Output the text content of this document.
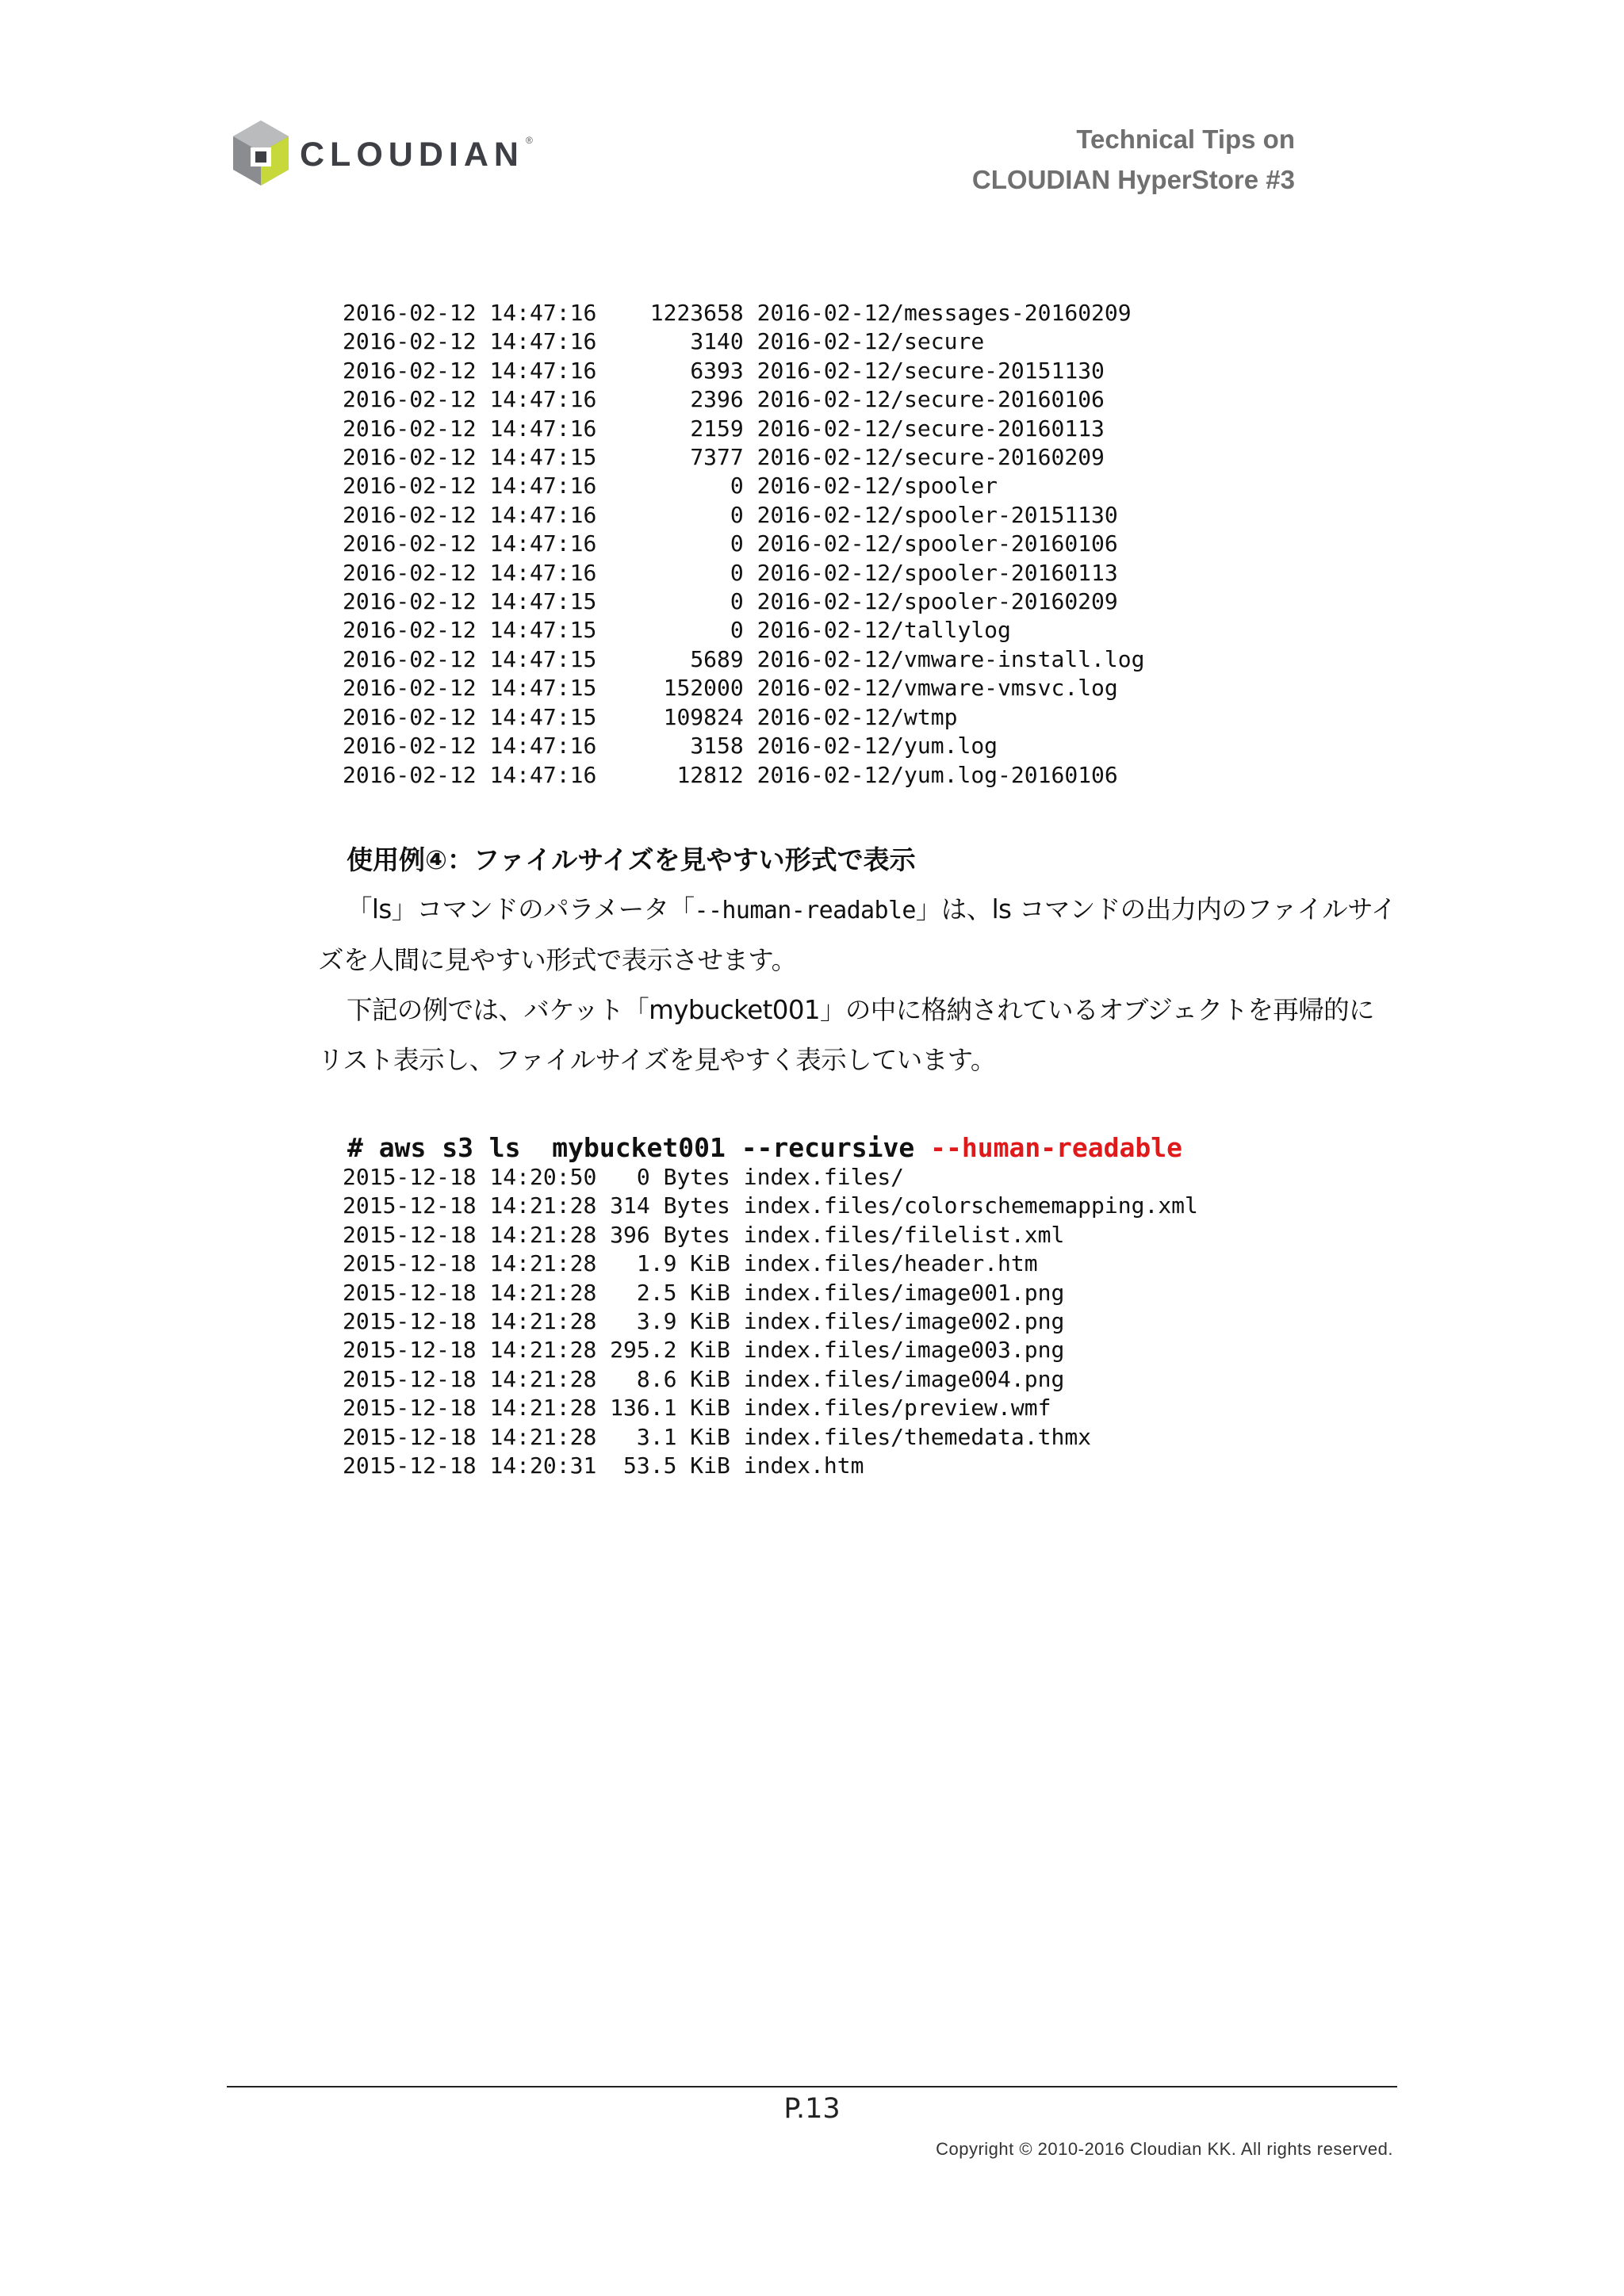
CLOUDIAN ®	Technical Tips on
CLOUDIAN HyperStore #3
2016-02-12 14:47:16 1223658 2016-02-12/messages-20160209
2016-02-12 14:47:16	3140 2016-02-12/secure
2016-02-12 14:47:16	6393 2016-02-12/secure-20151130
2016-02-12 14:47:16	2396 2016-02-12/secure-20160106
2016-02-12 14:47:16	2159 2016-02-12/secure-20160113
2016-02-12 14:47:15	7377 2016-02-12/secure-20160209
2016-02-12 14:47:16	0 2016-02-12/spooler
2016-02-12 14:47:16	0 2016-02-12/spooler-20151130
2016-02-12 14:47:16	0 2016-02-12/spooler-20160106
2016-02-12 14:47:16	0 2016-02-12/spooler-20160113
2016-02-12 14:47:15	0 2016-02-12/spooler-20160209
2016-02-12 14:47:15	0 2016-02-12/tallylog
2016-02-12 14:47:15	5689 2016-02-12/vmware-install.log
2016-02-12 14:47:15	152000 2016-02-12/vmware-vmsvc.log
2016-02-12 14:47:15	109824 2016-02-12/wtmp
2016-02-12 14:47:16	3158 2016-02-12/yum.log
2016-02-12 14:47:16	12812 2016-02-12/yum.log-20160106

使用例④：ファイルサイズを見やすい形式で表示

「ls」コマンドのパラメータ「--human-readable」は、ls コマンドの出力内のファイルサイズを人間に見やすい形式で表示させます。

下記の例では、バケット「mybucket001」の中に格納されているオブジェクトを再帰的にリスト表示し、ファイルサイズを見やすく表示しています。

# aws s3 ls  mybucket001 --recursive --human-readable
2015-12-18 14:20:50 0 Bytes index.files/
2015-12-18 14:21:28 314 Bytes index.files/colorschememapping.xml
2015-12-18 14:21:28 396 Bytes index.files/filelist.xml
2015-12-18 14:21:28 1.9 KiB index.files/header.htm
2015-12-18 14:21:28 2.5 KiB index.files/image001.png
2015-12-18 14:21:28 3.9 KiB index.files/image002.png
2015-12-18 14:21:28 295.2 KiB index.files/image003.png
2015-12-18 14:21:28 8.6 KiB index.files/image004.png
2015-12-18 14:21:28 136.1 KiB index.files/preview.wmf
2015-12-18 14:21:28 3.1 KiB index.files/themedata.thmx
2015-12-18 14:20:31 53.5 KiB index.htm
P.13
Copyright © 2010-2016 Cloudian KK. All rights reserved.
